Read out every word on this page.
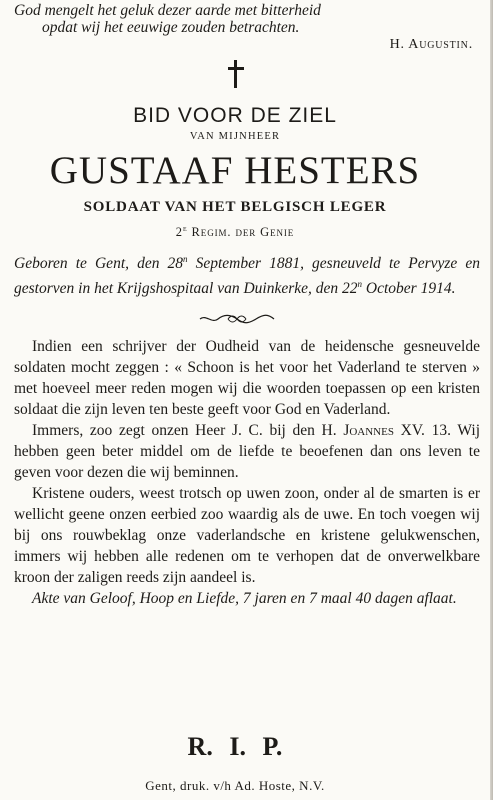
God mengelt het geluk dezer aarde met bitterheid
opdat wij het eeuwige zouden betrachten.
H. Augustin.
BID VOOR DE ZIEL
VAN MIJNHEER
GUSTAAF HESTERS
SOLDAAT VAN HET BELGISCH LEGER
2e Regim. der Genie
Geboren te Gent, den 28$^n$ September 1881, gesneuveld te Pervyze en gestorven in het Krijgshospitaal van Duinkerke, den 22$^n$ October 1914.

Indien een schrijver der Oudheid van de heidensche gesneuvelde soldaten mocht zeggen : « Schoon is het voor het Vaderland te sterven » met hoeveel meer reden mogen wij die woorden toepassen op een kristen soldaat die zijn leven ten beste geeft voor God en Vaderland.

Immers, zoo zegt onzen Heer J. C. bij den H. Joannes XV. 13. Wij hebben geen beter middel om de liefde te beoefenen dan ons leven te geven voor dezen die wij beminnen.

Kristene ouders, weest trotsch op uwen zoon, onder al de smarten is er wellicht geene onzen eerbied zoo waardig als de uwe. En toch voegen wij bij ons rouwbeklag onze vaderlandsche en kristene gelukwenschen, immers wij hebben alle redenen om te verhopen dat de onverwelkbare kroon der zaligen reeds zijn aandeel is.

Akte van Geloof, Hoop en Liefde, 7 jaren en 7 maal 40 dagen aflaat.

R. I. P.
Gent, druk. v/h Ad. Hoste, N.V.
